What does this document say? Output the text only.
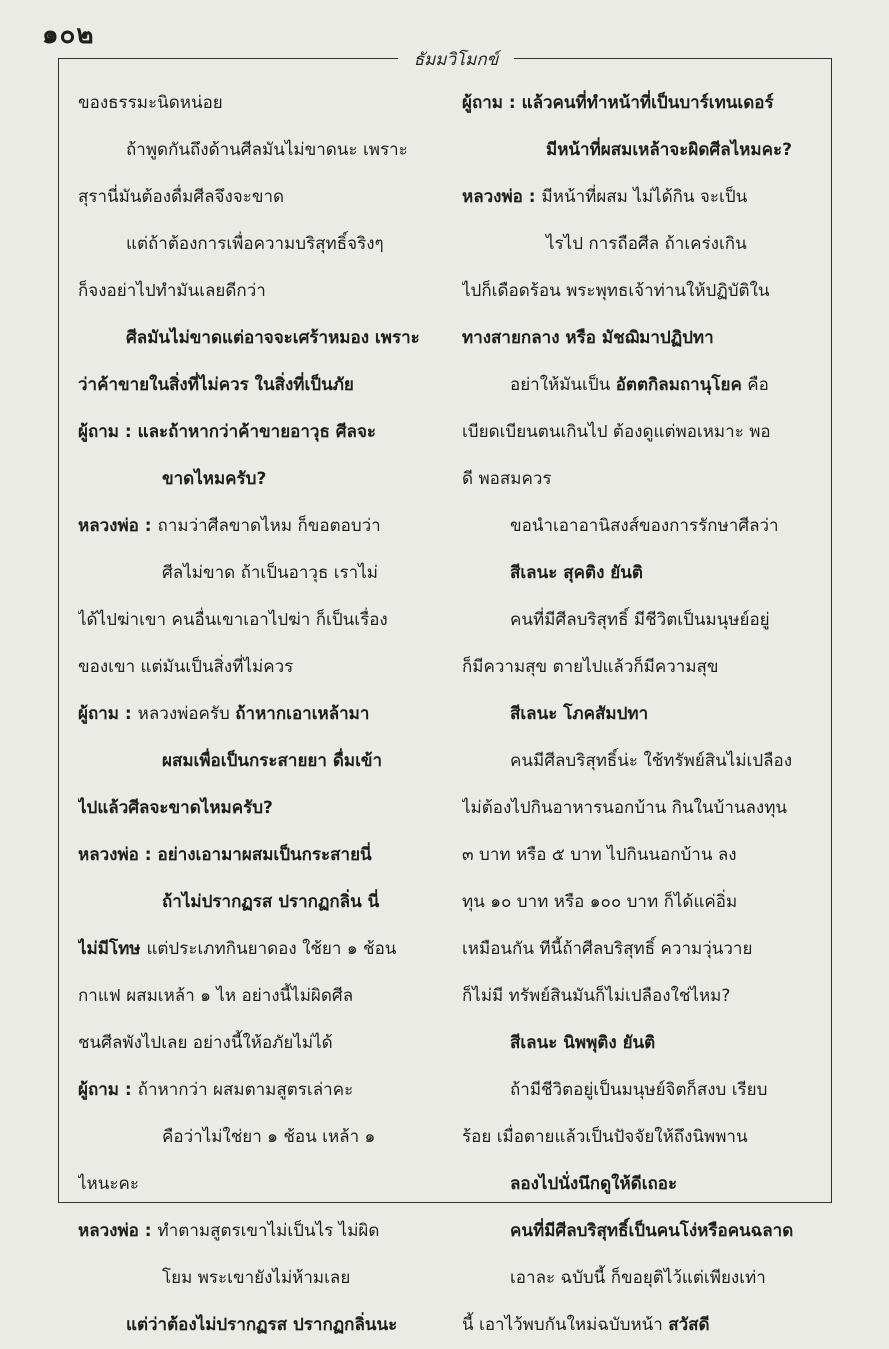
๑๐๒
ธัมมวิโมกข์
ของธรรมะนิดหน่อย
ถ้าพูดกันถึงด้านศีลมันไม่ขาดนะ เพราะ
สุรานี่มันต้องดื่มศีลจึงจะขาด
แต่ถ้าต้องการเพื่อความบริสุทธิ์จริงๆ
ก็จงอย่าไปทำมันเลยดีกว่า
ศีลมันไม่ขาดแต่อาจจะเศร้าหมอง เพราะ
ว่าค้าขายในสิ่งที่ไม่ควร ในสิ่งที่เป็นภัย
ผู้ถาม : และถ้าหากว่าค้าขายอาวุธ ศีลจะ
ขาดไหมครับ?
หลวงพ่อ : ถามว่าศีลขาดไหม ก็ขอตอบว่า
ศีลไม่ขาด ถ้าเป็นอาวุธ เราไม่
ได้ไปฆ่าเขา คนอื่นเขาเอาไปฆ่า ก็เป็นเรื่อง
ของเขา แต่มันเป็นสิ่งที่ไม่ควร
ผู้ถาม : หลวงพ่อครับ ถ้าหากเอาเหล้ามา
ผสมเพื่อเป็นกระสายยา ดื่มเข้า
ไปแล้วศีลจะขาดไหมครับ?
หลวงพ่อ : อย่างเอามาผสมเป็นกระสายนี่
ถ้าไม่ปรากฏรส ปรากฏกลิ่น นี่
ไม่มีโทษ แต่ประเภทกินยาดอง ใช้ยา ๑ ช้อน
กาแฟ ผสมเหล้า ๑ ไห อย่างนี้ไม่ผิดศีล
ชนศีลพังไปเลย อย่างนี้ให้อภัยไม่ได้
ผู้ถาม : ถ้าหากว่า ผสมตามสูตรเล่าคะ
คือว่าไม่ใช่ยา ๑ ช้อน เหล้า ๑
ไหนะคะ
หลวงพ่อ : ทำตามสูตรเขาไม่เป็นไร ไม่ผิด
โยม พระเขายังไม่ห้ามเลย
แต่ว่าต้องไม่ปรากฏรส ปรากฏกลิ่นนะ
ผู้ถาม : แล้วคนที่ทำหน้าที่เป็นบาร์เทนเดอร์
มีหน้าที่ผสมเหล้าจะผิดศีลไหมคะ?
หลวงพ่อ : มีหน้าที่ผสม ไม่ได้กิน จะเป็น
ไรไป การถือศีล ถ้าเคร่งเกิน
ไปก็เดือดร้อน พระพุทธเจ้าท่านให้ปฏิบัติใน
ทางสายกลาง หรือ มัชฌิมาปฏิปทา
อย่าให้มันเป็น อัตตกิลมถานุโยค คือ
เบียดเบียนตนเกินไป ต้องดูแต่พอเหมาะ พอ
ดี พอสมควร
ขอนำเอาอานิสงส์ของการรักษาศีลว่า
สีเลนะ สุคติง ยันติ
คนที่มีศีลบริสุทธิ์ มีชีวิตเป็นมนุษย์อยู่
ก็มีความสุข ตายไปแล้วก็มีความสุข
สีเลนะ โภคสัมปทา
คนมีศีลบริสุทธิ์น่ะ ใช้ทรัพย์สินไม่เปลือง
ไม่ต้องไปกินอาหารนอกบ้าน กินในบ้านลงทุน
๓ บาท หรือ ๕ บาท ไปกินนอกบ้าน ลง
ทุน ๑๐ บาท หรือ ๑๐๐ บาท ก็ได้แค่อิ่ม
เหมือนกัน ทีนี้ถ้าศีลบริสุทธิ์ ความวุ่นวาย
ก็ไม่มี ทรัพย์สินมันก็ไม่เปลืองใช่ไหม?
สีเลนะ นิพพุติง ยันติ
ถ้ามีชีวิตอยู่เป็นมนุษย์จิตก็สงบ เรียบ
ร้อย เมื่อตายแล้วเป็นปัจจัยให้ถึงนิพพาน
ลองไปนั่งนึกดูให้ดีเถอะ
คนที่มีศีลบริสุทธิ์เป็นคนโง่หรือคนฉลาด
เอาละ ฉบับนี้ ก็ขอยุติไว้แต่เพียงเท่า
นี้ เอาไว้พบกันใหม่ฉบับหน้า สวัสดี
